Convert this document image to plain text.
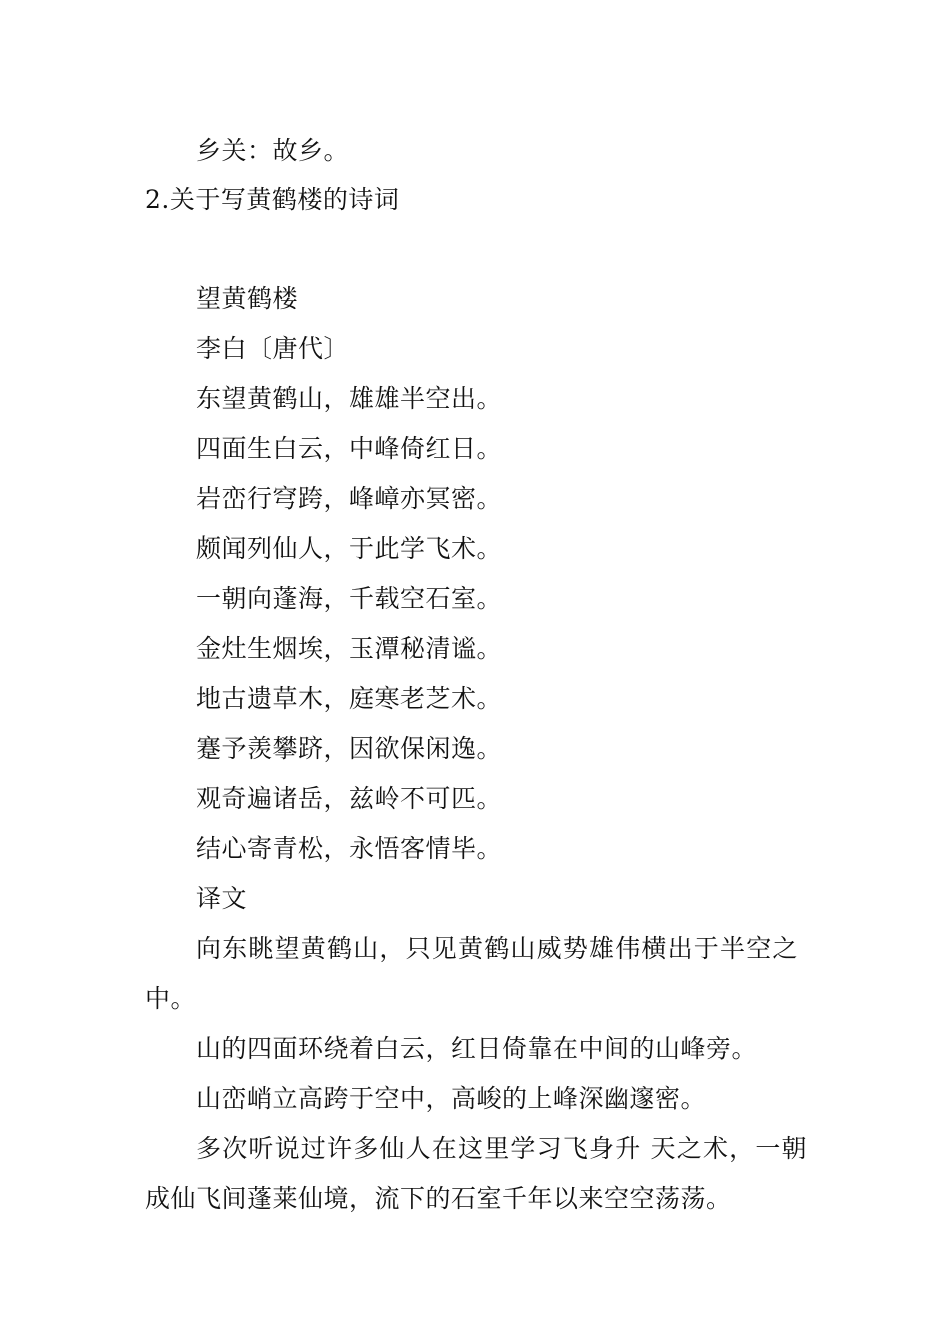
乡关：故乡。
2.关于写黄鹤楼的诗词
望黄鹤楼
李白〔唐代〕
东望黄鹤山，雄雄半空出。
四面生白云，中峰倚红日。
岩峦行穹跨，峰嶂亦冥密。
颇闻列仙人，于此学飞术。
一朝向蓬海，千载空石室。
金灶生烟埃，玉潭秘清谧。
地古遗草木，庭寒老芝术。
蹇予羡攀跻，因欲保闲逸。
观奇遍诸岳，兹岭不可匹。
结心寄青松，永悟客情毕。
译文
向东眺望黄鹤山，只见黄鹤山威势雄伟横出于半空之
中。
山的四面环绕着白云，红日倚靠在中间的山峰旁。
山峦峭立高跨于空中，高峻的上峰深幽邃密。
多次听说过许多仙人在这里学习飞身升 天之术，一朝
成仙飞间蓬莱仙境，流下的石室千年以来空空荡荡。
